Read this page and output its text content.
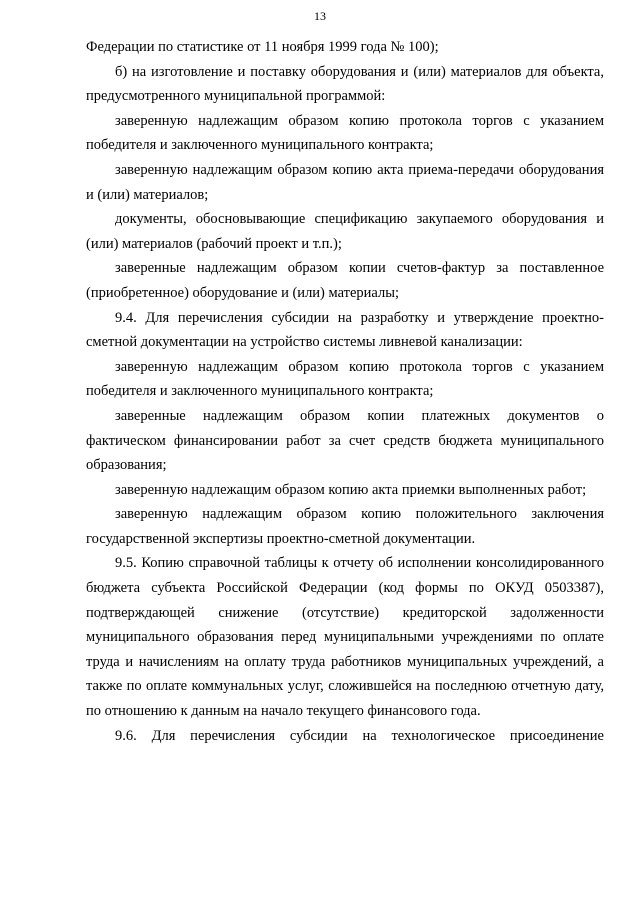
13

Федерации по статистике от 11 ноября 1999 года № 100);

б) на изготовление и поставку оборудования и (или) материалов для объекта, предусмотренного муниципальной программой:

заверенную надлежащим образом копию протокола торгов с указанием победителя и заключенного муниципального контракта;

заверенную надлежащим образом копию акта приема-передачи оборудования и (или) материалов;

документы, обосновывающие спецификацию закупаемого оборудования и (или) материалов (рабочий проект и т.п.);

заверенные надлежащим образом копии счетов-фактур за поставленное (приобретенное) оборудование и (или) материалы;

9.4. Для перечисления субсидии на разработку и утверждение проектно-сметной документации на устройство системы ливневой канализации:

заверенную надлежащим образом копию протокола торгов с указанием победителя и заключенного муниципального контракта;

заверенные надлежащим образом копии платежных документов о фактическом финансировании работ за счет средств бюджета муниципального образования;

заверенную надлежащим образом копию акта приемки выполненных работ;

заверенную надлежащим образом копию положительного заключения государственной экспертизы проектно-сметной документации.

9.5. Копию справочной таблицы к отчету об исполнении консолидированного бюджета субъекта Российской Федерации (код формы по ОКУД 0503387), подтверждающей снижение (отсутствие) кредиторской задолженности муниципального образования перед муниципальными учреждениями по оплате труда и начислениям на оплату труда работников муниципальных учреждений, а также по оплате коммунальных услуг, сложившейся на последнюю отчетную дату, по отношению к данным на начало текущего финансового года.

9.6. Для перечисления субсидии на технологическое присоединение
